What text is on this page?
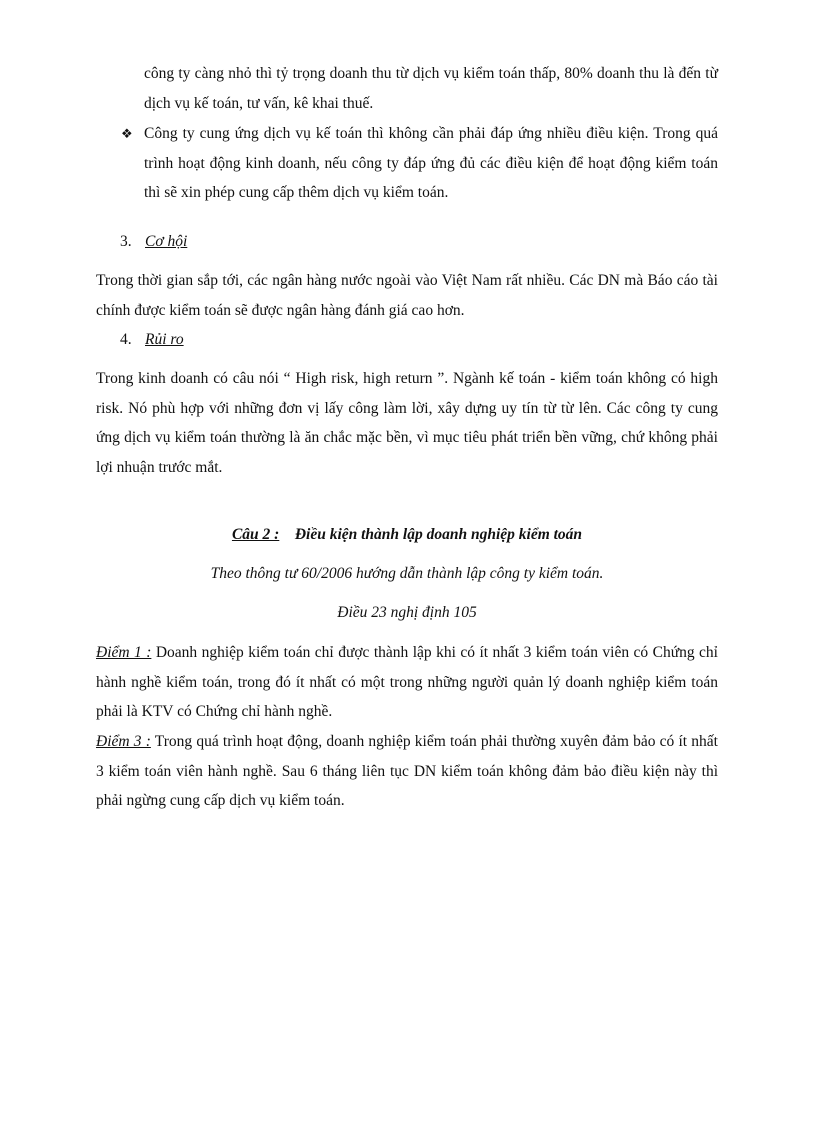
công ty càng nhỏ thì tỷ trọng doanh thu từ dịch vụ kiểm toán thấp, 80% doanh thu là đến từ dịch vụ kế toán, tư vấn, kê khai thuế.

❖ Công ty cung ứng dịch vụ kế toán thì không cần phải đáp ứng nhiều điều kiện. Trong quá trình hoạt động kinh doanh, nếu công ty đáp ứng đủ các điều kiện để hoạt động kiểm toán thì sẽ xin phép cung cấp thêm dịch vụ kiểm toán.

3. Cơ hội

Trong thời gian sắp tới, các ngân hàng nước ngoài vào Việt Nam rất nhiều. Các DN mà Báo cáo tài chính được kiểm toán sẽ được ngân hàng đánh giá cao hơn.

4. Rủi ro

Trong kinh doanh có câu nói “ High risk, high return ”. Ngành kế toán - kiểm toán không có high risk. Nó phù hợp với những đơn vị lấy công làm lời, xây dựng uy tín từ từ lên. Các công ty cung ứng dịch vụ kiểm toán thường là ăn chắc mặc bền, vì mục tiêu phát triển bền vững, chứ không phải lợi nhuận trước mắt.

Câu 2 : Điều kiện thành lập doanh nghiệp kiểm toán
Theo thông tư 60/2006 hướng dẫn thành lập công ty kiểm toán.
Điều 23 nghị định 105

Điểm 1 : Doanh nghiệp kiểm toán chỉ được thành lập khi có ít nhất 3 kiểm toán viên có Chứng chỉ hành nghề kiểm toán, trong đó ít nhất có một trong những người quản lý doanh nghiệp kiểm toán phải là KTV có Chứng chỉ hành nghề.

Điểm 3 : Trong quá trình hoạt động, doanh nghiệp kiểm toán phải thường xuyên đảm bảo có ít nhất 3 kiểm toán viên hành nghề. Sau 6 tháng liên tục DN kiểm toán không đảm bảo điều kiện này thì phải ngừng cung cấp dịch vụ kiểm toán.
